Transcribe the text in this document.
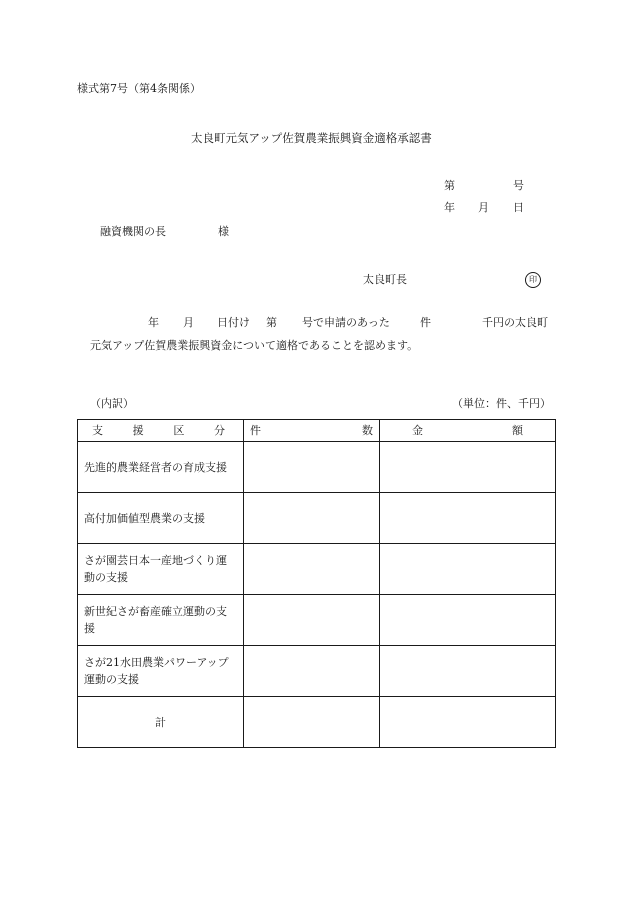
様式第7号（第4条関係）
太良町元気アップ佐賀農業振興資金適格承認書
第	号
年 月 日
融資機関の長	様
太良町長	印
年 月 日付け 第 号で申請のあった	件	千円の太良町
元気アップ佐賀農業振興資金について適格であることを認めます。
（内訳）	（単位：件、千円）
支 援 区 分	件 数	金 額

先進的農業経営者の育成支援		
高付加価値型農業の支援		
さが園芸日本一産地づくり運動の支援		
新世紀さが畜産確立運動の支援		
さが21水田農業パワーアップ運動の支援		
計		
